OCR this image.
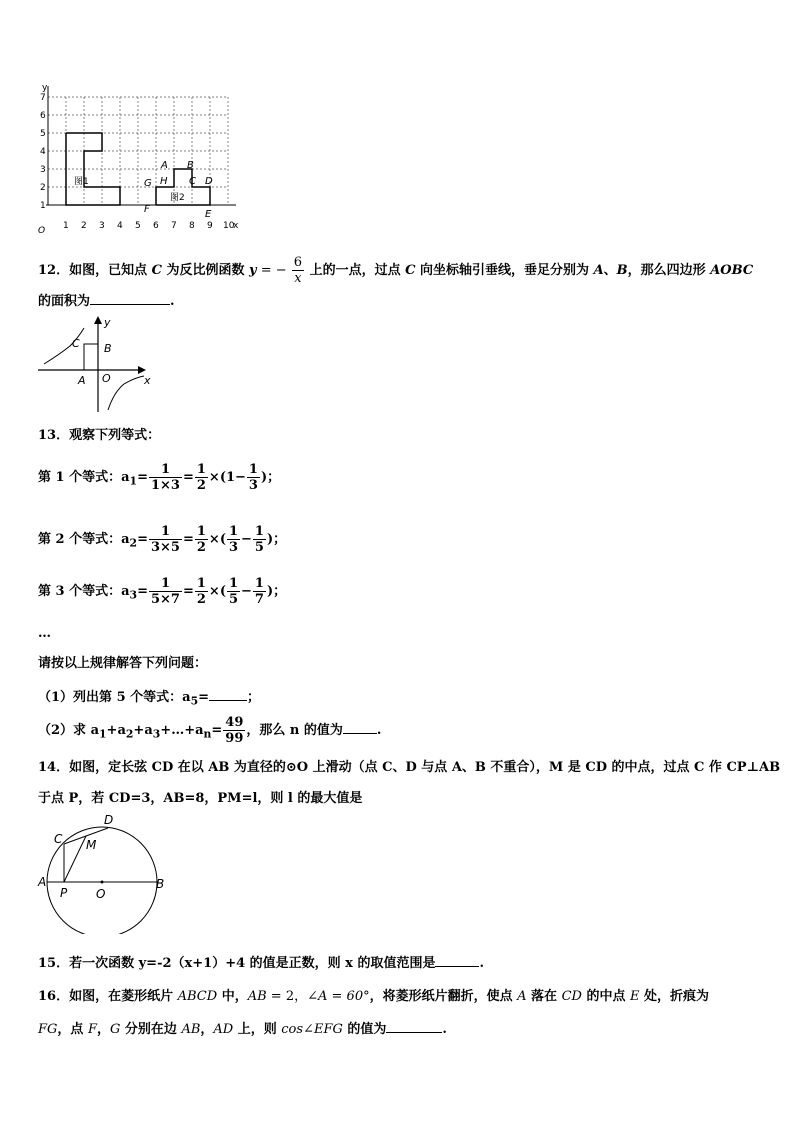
y
1
2
3
4
5
6
7
O 1 2 3 4 5 6 7 8 9 10
x
图1
图2
A B
G H C D
F	E
12．如图，已知点 C 为反比例函数 y = − $\frac{6}{x}$ 上的一点，过点 C 向坐标轴引垂线，垂足分别为 A、B，那么四边形 AOBC
的面积为	.
y
x
C B
A O
13．观察下列等式：
第 1 个等式：$a_1= \frac{1}{1\times 3} = \frac{1}{2} \times(1- \frac{1}{3}$ )；
第 2 个等式：$a_2= \frac{1}{3\times 5} = \frac{1}{2}$ ×( $\frac{1}{3} - \frac{1}{5}$ )；
第 3 个等式：$a_3= \frac{1}{5\times 7} = \frac{1}{2}$ ×( $\frac{1}{5} - \frac{1}{7}$ )；
…
请按以上规律解答下列问题：
（1）列出第 5 个等式：$a_5=$	；
（2）求 $a_1+a_2+a_3+\dots+a_n= \frac{49}{99}$ ，那么 n 的值为	.
14．如图，定长弦 CD 在以 AB 为直径的⊙O 上滑动（点 C、D 与点 A、B 不重合），M 是 CD 的中点，过点 C 作 CP⊥AB
于点 P，若 CD=3，AB=8，PM=l，则 l 的最大值是
C
D
M
A
P O
B
15．若一次函数 y=-2（x+1）+4 的值是正数，则 x 的取值范围是	.
16．如图，在菱形纸片 ABCD 中，AB = 2，∠A = 60°，将菱形纸片翻折，使点 A 落在 CD 的中点 E 处，折痕为
FG，点 F，G 分别在边 AB，AD 上，则 cos∠EFG 的值为	.
